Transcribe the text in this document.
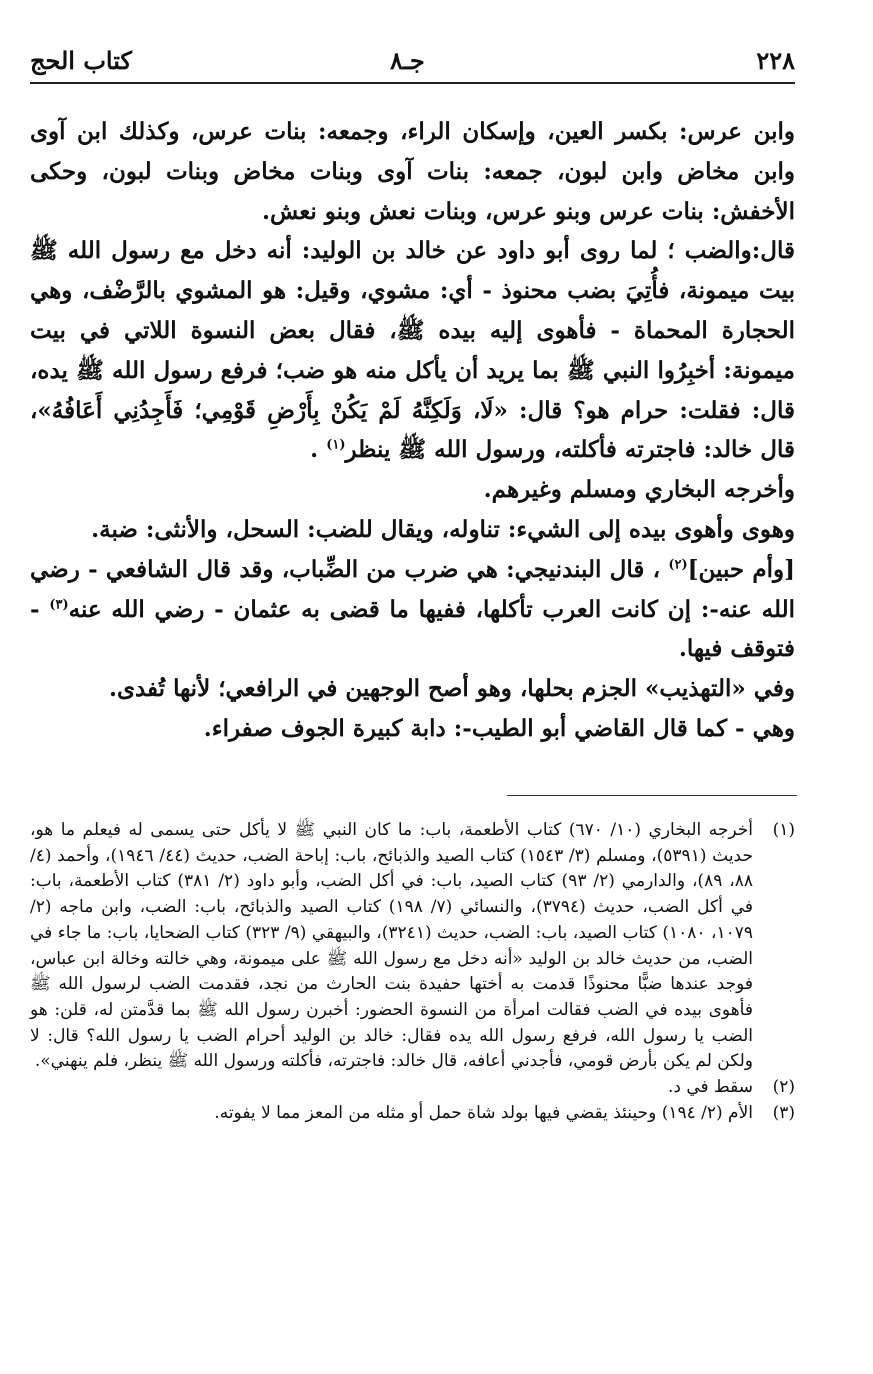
٢٢٨
جـ٨
كتاب الحج

وابن عرس: بكسر العين، وإسكان الراء، وجمعه: بنات عرس، وكذلك ابن آوى وابن مخاض وابن لبون، جمعه: بنات آوى وبنات مخاض وبنات لبون، وحكى الأخفش: بنات عرس وبنو عرس، وبنات نعش وبنو نعش.

قال:والضب ؛ لما روى أبو داود عن خالد بن الوليد: أنه دخل مع رسول الله ﷺ بيت ميمونة، فأُتِيَ بضب محنوذ - أي: مشوي، وقيل: هو المشوي بالرَّضْف، وهي الحجارة المحماة - فأهوى إليه بيده ﷺ، فقال بعض النسوة اللاتي في بيت ميمونة: أخبِرُوا النبي ﷺ بما يريد أن يأكل منه هو ضب؛ فرفع رسول الله ﷺ يده، قال: فقلت: حرام هو؟ قال: «لَا، وَلَكِنَّهُ لَمْ يَكُنْ بِأَرْضِ قَوْمِي؛ فَأَجِدُنِي أَعَافُهُ»، قال خالد: فاجترته فأكلته، ورسول الله ﷺ ينظر$^{(١)}$ .

وأخرجه البخاري ومسلم وغيرهم.

وهوى وأهوى بيده إلى الشيء: تناوله، ويقال للضب: السحل، والأنثى: ضبة.

[وأم حبين]$^{(٢)}$ ، قال البندنيجي: هي ضرب من الضِّباب، وقد قال الشافعي - رضي الله عنه-: إن كانت العرب تأكلها، ففيها ما قضى به عثمان - رضي الله عنه$^{(٣)}$ - فتوقف فيها.

وفي «التهذيب» الجزم بحلها، وهو أصح الوجهين في الرافعي؛ لأنها تُفدى.

وهي - كما قال القاضي أبو الطيب-: دابة كبيرة الجوف صفراء.

(١)
أخرجه البخاري (١٠/ ٦٧٠) كتاب الأطعمة، باب: ما كان النبي ﷺ لا يأكل حتى يسمى له فيعلم ما هو، حديث (٥٣٩١)، ومسلم (٣/ ١٥٤٣) كتاب الصيد والذبائح، باب: إباحة الضب، حديث (٤٤/ ١٩٤٦)، وأحمد (٤/ ٨٨، ٨٩)، والدارمي (٢/ ٩٣) كتاب الصيد، باب: في أكل الضب، وأبو داود (٢/ ٣٨١) كتاب الأطعمة، باب: في أكل الضب، حديث (٣٧٩٤)، والنسائي (٧/ ١٩٨) كتاب الصيد والذبائح، باب: الضب، وابن ماجه (٢/ ١٠٧٩، ١٠٨٠) كتاب الصيد، باب: الضب، حديث (٣٢٤١)، والبيهقي (٩/ ٣٢٣) كتاب الضحايا، باب: ما جاء في الضب، من حديث خالد بن الوليد «أنه دخل مع رسول الله ﷺ على ميمونة، وهي خالته وخالة ابن عباس، فوجد عندها ضبًّا محنوذًا قدمت به أختها حفيدة بنت الحارث من نجد، فقدمت الضب لرسول الله ﷺ فأهوى بيده في الضب فقالت امرأة من النسوة الحضور: أخبرن رسول الله ﷺ بما قدَّمتن له، قلن: هو الضب يا رسول الله، فرفع رسول الله يده فقال: خالد بن الوليد أحرام الضب يا رسول الله؟ قال: لا ولكن لم يكن بأرض قومي، فأجدني أعافه، قال خالد: فاجترته، فأكلته ورسول الله ﷺ ينظر، فلم ينهني».
(٢)
سقط في د.
(٣)
الأم (٢/ ١٩٤) وحينئذ يقضي فيها بولد شاة حمل أو مثله من المعز مما لا يفوته.
